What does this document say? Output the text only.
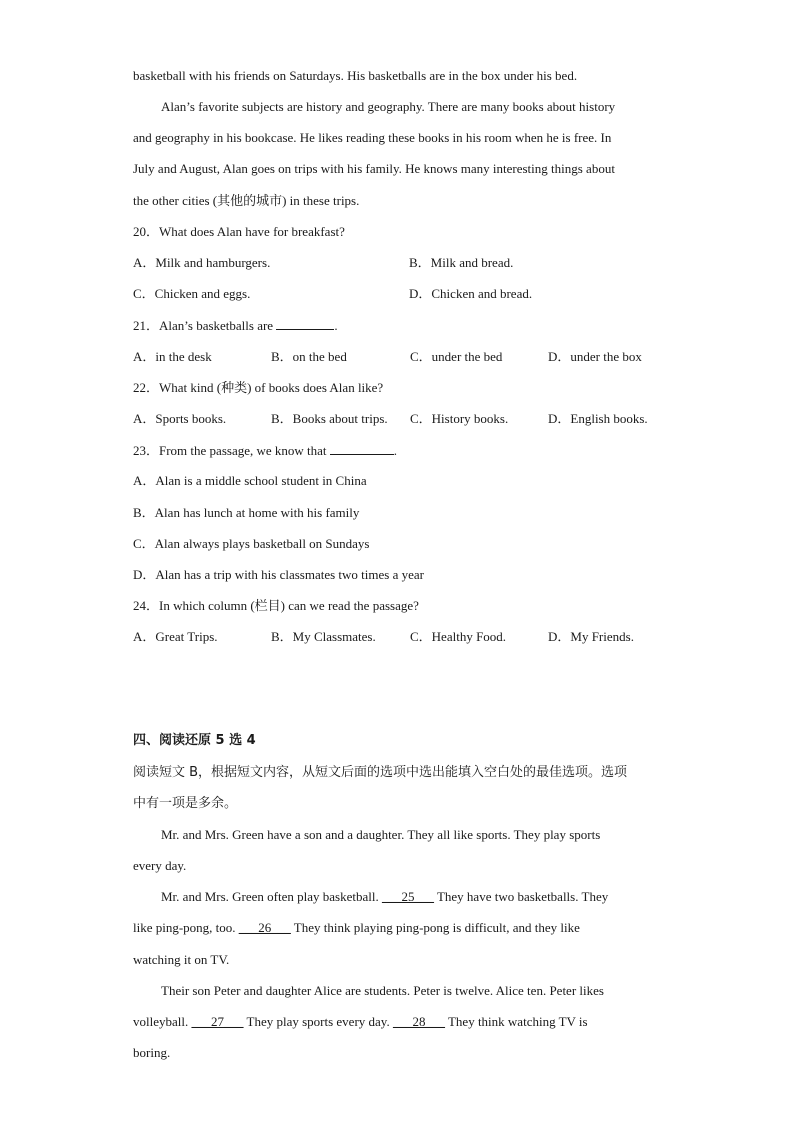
basketball with his friends on Saturdays. His basketballs are in the box under his bed.
Alan’s favorite subjects are history and geography. There are many books about history
and geography in his bookcase. He likes reading these books in his room when he is free. In
July and August, Alan goes on trips with his family. He knows many interesting things about
the other cities (其他的城市) in these trips.
20．What does Alan have for breakfast?
A．Milk and hamburgers.	B．Milk and bread.
C．Chicken and eggs.	D．Chicken and bread.
21．Alan’s basketballs are	.
A．in the desk	B．on the bed	C．under the bed	D．under the box
22．What kind (种类) of books does Alan like?
A．Sports books.	B．Books about trips. C．History books.	D．English books.
23．From the passage, we know that	.
A．Alan is a middle school student in China
B．Alan has lunch at home with his family
C．Alan always plays basketball on Sundays
D．Alan has a trip with his classmates two times a year
24．In which column (栏目) can we read the passage?
A．Great Trips.	B．My Classmates.	C．Healthy Food.	D．My Friends.
四、阅读还原 5 选 4
阅读短文 B，根据短文内容，从短文后面的选项中选出能填入空白处的最佳选项。选项
中有一项是多余。
Mr. and Mrs. Green have a son and a daughter. They all like sports. They play sports
every day.
Mr. and Mrs. Green often play basketball. ___25___ They have two basketballs. They
like ping-pong, too. ___26___ They think playing ping-pong is difficult, and they like
watching it on TV.
Their son Peter and daughter Alice are students. Peter is twelve. Alice ten. Peter likes
volleyball. ___27___ They play sports every day. ___28___ They think watching TV is
boring.
